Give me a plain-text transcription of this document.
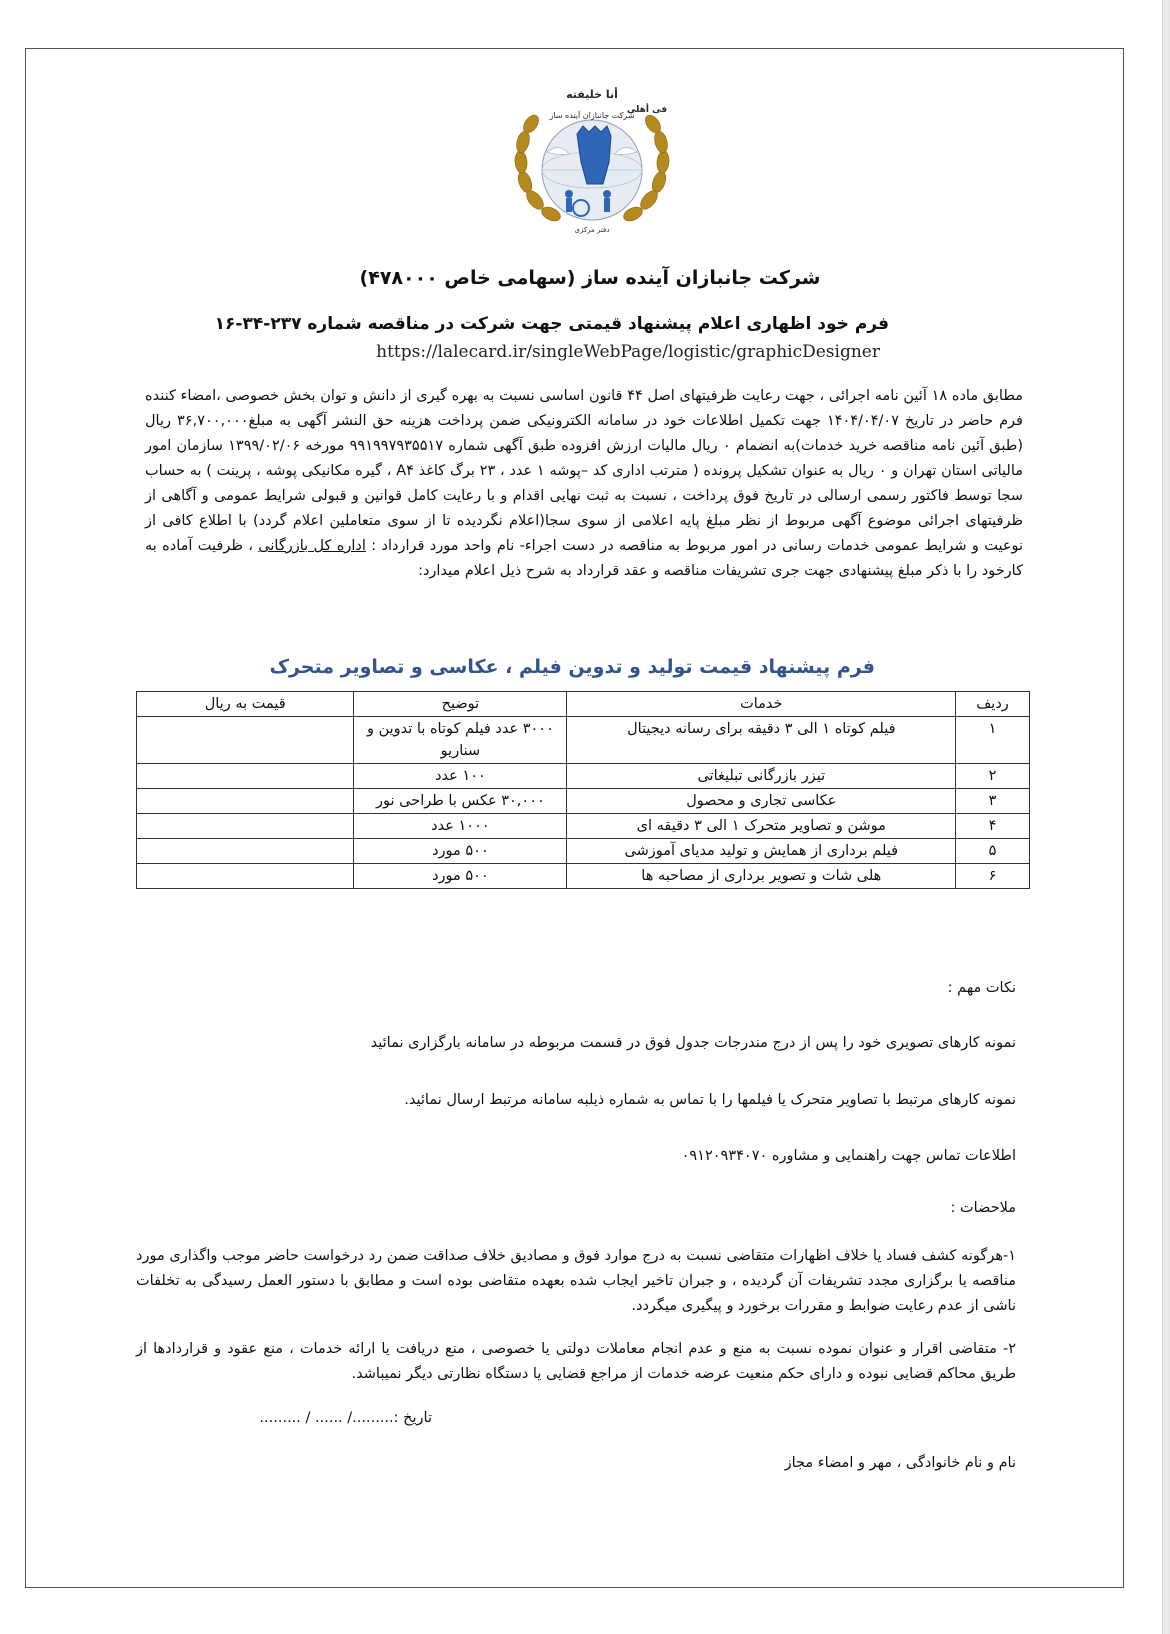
أنا خلیفته
فی أهلی
شرکت جانبازان آینده ساز
دفتر مرکزی
شرکت جانبازان آینده ساز (سهامی خاص ۴۷۸۰۰۰)
فرم خود اظهاری اعلام پیشنهاد قیمتی جهت شرکت در مناقصه شماره ۲۳۷-۳۴-۱۶
https://lalecard.ir/singleWebPage/logistic/graphicDesigner
مطابق ماده ۱۸ آئین نامه اجرائی ، جهت رعایت ظرفیتهای اصل ۴۴ قانون اساسی نسبت به بهره گیری از دانش و توان بخش خصوصی ،امضاء کننده فرم حاضر در تاریخ ۱۴۰۴/۰۴/۰۷ جهت تکمیل اطلاعات خود در سامانه الکترونیکی ضمن پرداخت هزینه حق النشر آگهی به مبلغ۳۶,۷۰۰,۰۰۰ ریال (طبق آئین نامه مناقصه خرید خدمات)به انضمام ۰ ریال مالیات ارزش افزوده طبق آگهی شماره ۹۹۱۹۹۷۹۳۵۵۱۷ مورخه ۱۳۹۹/۰۲/۰۶ سازمان امور مالیاتی استان تهران و ۰ ریال به عنوان تشکیل پرونده ( مترتب اداری کد –پوشه ۱ عدد ، ۲۳ برگ کاغذ A۴ ، گیره مکانیکی پوشه ، پرینت ) به حساب سجا توسط فاکتور رسمی ارسالی در تاریخ فوق پرداخت ، نسبت به ثبت نهایی اقدام و با رعایت کامل قوانین و قبولی شرایط عمومی و آگاهی از ظرفیتهای اجرائی موضوع آگهی مربوط از نظر مبلغ پایه اعلامی از سوی سجا(اعلام نگردیده تا از سوی متعاملین اعلام گردد) با اطلاع کافی از نوعیت و شرایط عمومی خدمات رسانی در امور مربوط به مناقصه در دست اجراء- نام واحد مورد قرارداد : اداره کل بازرگانی ، ظرفیت آماده به کارخود را با ذکر مبلغ پیشنهادی جهت جری تشریفات مناقصه و عقد قرارداد به شرح ذیل اعلام میدارد:
فرم پیشنهاد قیمت تولید و تدوین فیلم ، عکاسی و تصاویر متحرک
ردیف	خدمات	توضیح	قیمت به ریال
۱	فیلم کوتاه ۱ الی ۳ دقیقه برای رسانه دیجیتال	۳۰۰۰ عدد فیلم کوتاه با تدوین و سناریو	
۲	تیزر بازرگانی تبلیغاتی	۱۰۰ عدد	
۳	عکاسی تجاری و محصول	۳۰,۰۰۰ عکس با طراحی نور	
۴	موشن و تصاویر متحرک ۱ الی ۳ دقیقه ای	۱۰۰۰ عدد	
۵	فیلم برداری از همایش و تولید مدیای آموزشی	۵۰۰ مورد	
۶	هلی شات و تصویر برداری از مصاحبه ها	۵۰۰ مورد	
نکات مهم :
نمونه کارهای تصویری خود را پس از درج مندرجات جدول فوق در قسمت مربوطه در سامانه بارگزاری نمائید
نمونه کارهای مرتبط با تصاویر متحرک یا فیلمها را با تماس به شماره ذیلبه سامانه مرتبط ارسال نمائید.
اطلاعات تماس جهت راهنمایی و مشاوره ۰۹۱۲۰۹۳۴۰۷۰
ملاحضات :
۱-هرگونه کشف فساد یا خلاف اظهارات متقاضی نسبت به درج موارد فوق و مصادیق خلاف صداقت ضمن رد درخواست حاضر موجب واگذاری مورد مناقصه یا برگزاری مجدد تشریفات آن گردیده ، و جبران تاخیر ایجاب شده بعهده متقاضی بوده است و مطابق با دستور العمل رسیدگی به تخلفات ناشی از عدم رعایت ضوابط و مقررات برخورد و پیگیری میگردد.
۲- متقاضی اقرار و عنوان نموده نسبت به منع و عدم انجام معاملات دولتی یا خصوصی ، منع دریافت یا ارائه خدمات ، منع عقود و قراردادها از طریق محاکم قضایی نبوده و دارای حکم منعیت عرضه خدمات از مراجع قضایی یا دستگاه نظارتی دیگر نمیباشد.
تاریخ :........./ ...... / .........
نام و نام خانوادگی ، مهر و امضاء مجاز
